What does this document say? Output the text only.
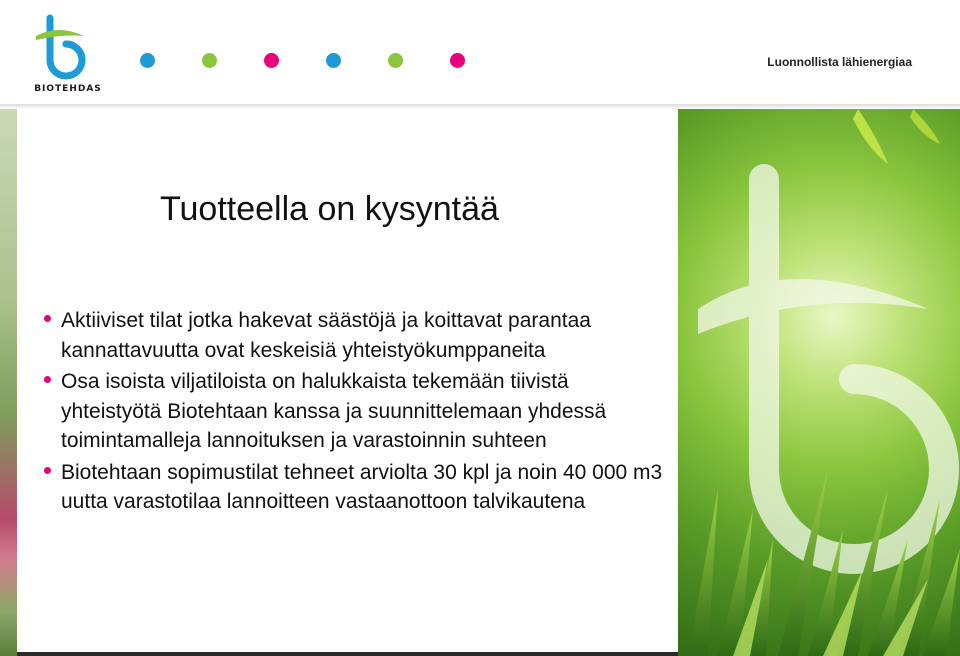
BIOTEHDAS
Luonnollista lähienergiaa
Tuotteella on kysyntää
Aktiiviset tilat jotka hakevat säästöjä ja koittavat parantaa kannattavuutta ovat keskeisiä yhteistyökumppaneita
Osa isoista viljatiloista on halukkaista tekemään tiivistä yhteistyötä Biotehtaan kanssa ja suunnittelemaan yhdessä toimintamalleja lannoituksen ja varastoinnin suhteen
Biotehtaan sopimustilat tehneet arviolta 30 kpl ja noin 40 000 m3 uutta varastotilaa lannoitteen vastaanottoon talvikautena
